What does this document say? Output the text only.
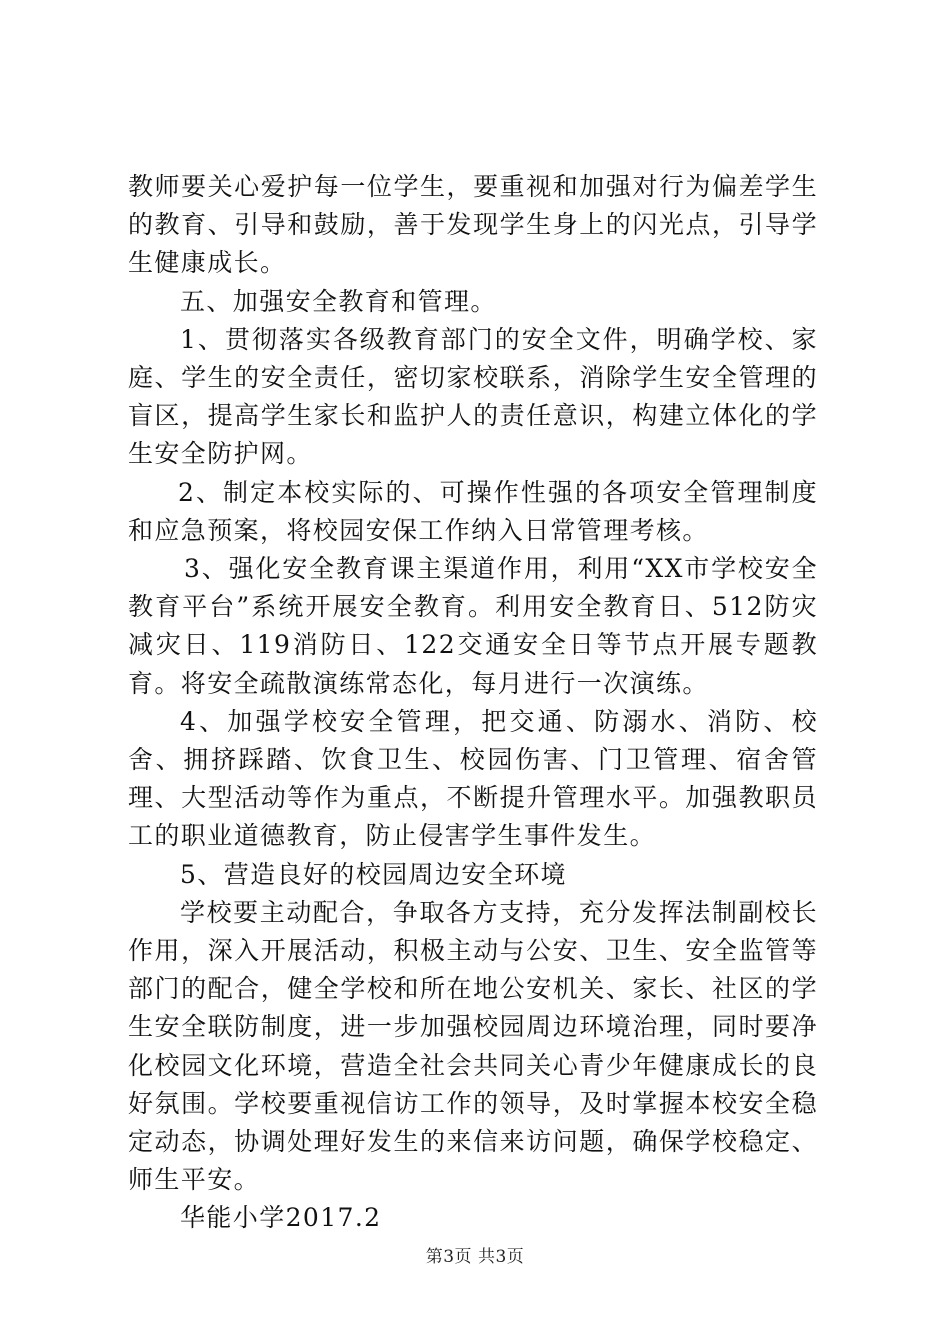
教师要关心爱护每一位学生，要重视和加强对行为偏差学生的教育、引导和鼓励，善于发现学生身上的闪光点，引导学生健康成长。

五、加强安全教育和管理。

1、贯彻落实各级教育部门的安全文件，明确学校、家庭、学生的安全责任，密切家校联系，消除学生安全管理的盲区，提高学生家长和监护人的责任意识，构建立体化的学生安全防护网。

2、制定本校实际的、可操作性强的各项安全管理制度和应急预案，将校园安保工作纳入日常管理考核。

3、强化安全教育课主渠道作用，利用“XX市学校安全教育平台”系统开展安全教育。利用安全教育日、512防灾减灾日、119消防日、122交通安全日等节点开展专题教育。将安全疏散演练常态化，每月进行一次演练。

4、加强学校安全管理，把交通、防溺水、消防、校舍、拥挤踩踏、饮食卫生、校园伤害、门卫管理、宿舍管理、大型活动等作为重点，不断提升管理水平。加强教职员工的职业道德教育，防止侵害学生事件发生。

5、营造良好的校园周边安全环境

学校要主动配合，争取各方支持，充分发挥法制副校长作用，深入开展活动，积极主动与公安、卫生、安全监管等部门的配合，健全学校和所在地公安机关、家长、社区的学生安全联防制度，进一步加强校园周边环境治理，同时要净化校园文化环境，营造全社会共同关心青少年健康成长的良好氛围。学校要重视信访工作的领导，及时掌握本校安全稳定动态，协调处理好发生的来信来访问题，确保学校稳定、师生平安。

华能小学2017.2

第3页 共3页
